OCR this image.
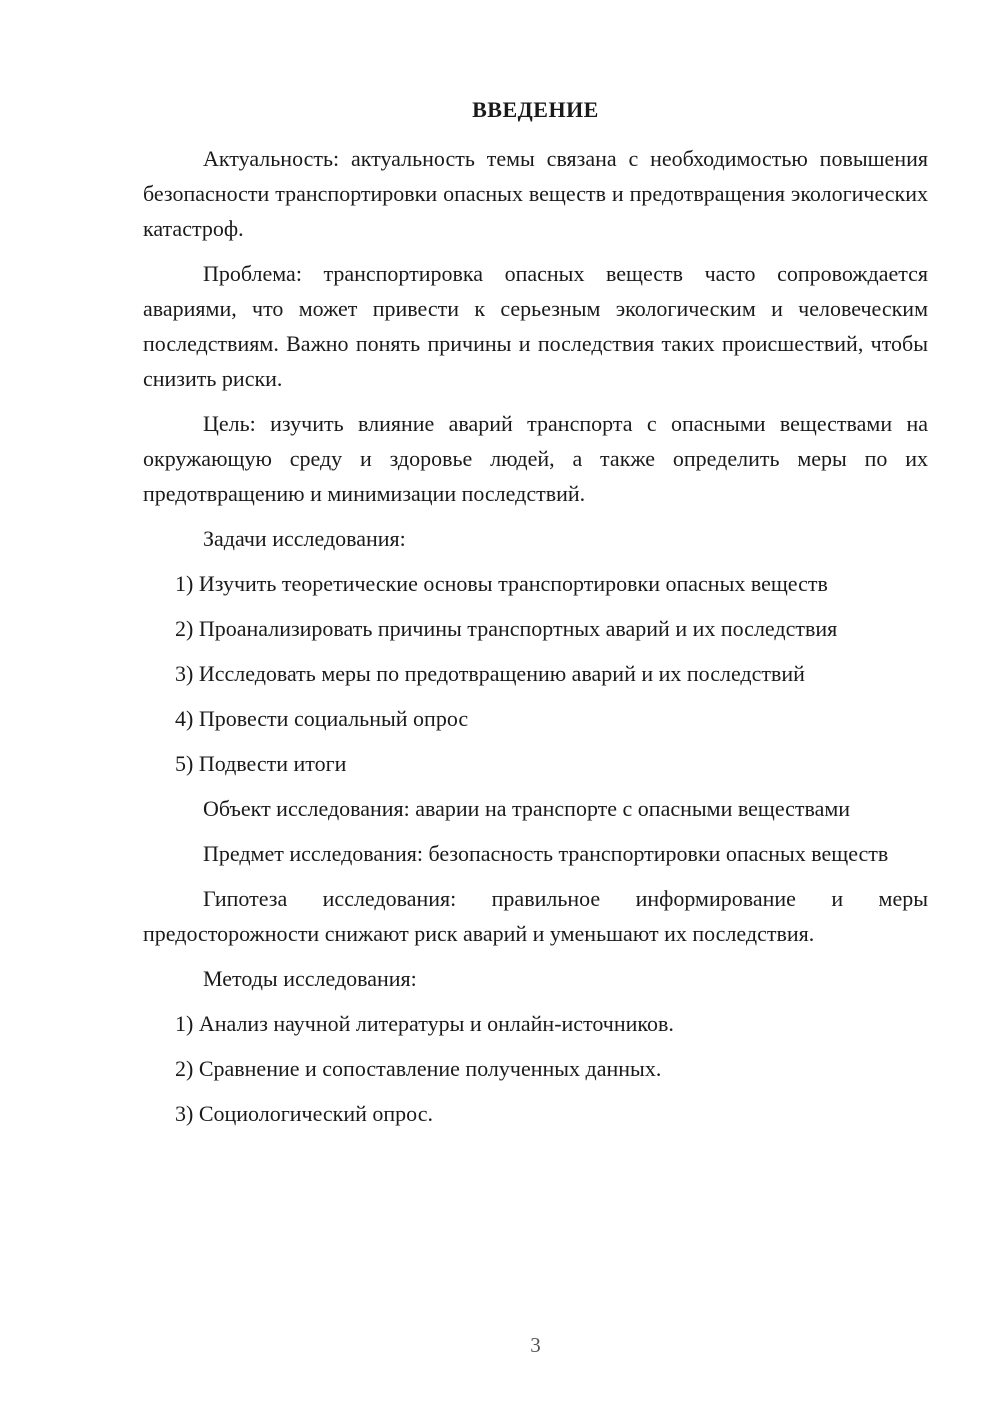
ВВЕДЕНИЕ

Актуальность: актуальность темы связана с необходимостью повышения безопасности транспортировки опасных веществ и предотвращения экологических катастроф.

Проблема: транспортировка опасных веществ часто сопровождается авариями, что может привести к серьезным экологическим и человеческим последствиям. Важно понять причины и последствия таких происшествий, чтобы снизить риски.

Цель: изучить влияние аварий транспорта с опасными веществами на окружающую среду и здоровье людей, а также определить меры по их предотвращению и минимизации последствий.

Задачи исследования:

1) Изучить теоретические основы транспортировки опасных веществ

2) Проанализировать причины транспортных аварий и их последствия

3) Исследовать меры по предотвращению аварий и их последствий

4) Провести социальный опрос

5) Подвести итоги

Объект исследования: аварии на транспорте с опасными веществами

Предмет исследования: безопасность транспортировки опасных веществ

Гипотеза исследования: правильное информирование и меры предосторожности снижают риск аварий и уменьшают их последствия.

Методы исследования:

1) Анализ научной литературы и онлайн-источников.

2) Сравнение и сопоставление полученных данных.

3) Социологический опрос.

3
